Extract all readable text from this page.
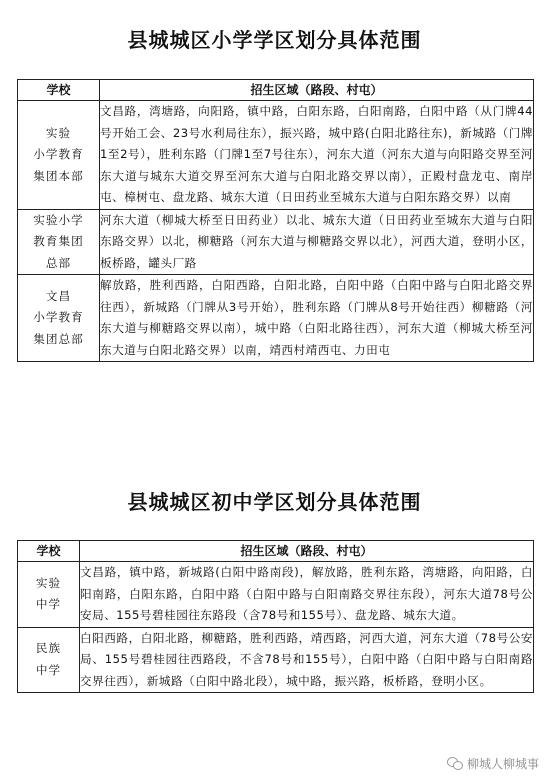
县城城区小学学区划分具体范围
学校	招生区域（路段、村屯）
实验
小学教育
集团本部	文昌路，湾塘路，向阳路，镇中路，白阳东路，白阳南路，白阳中路（从门牌44号开始工会、23号水利局往东），振兴路，城中路(白阳北路往东)，新城路（门牌1至2号），胜利东路（门牌1至7号往东），河东大道（河东大道与向阳路交界至河东大道与城东大道交界至河东大道与白阳北路交界以南），正殿村盘龙屯、南岸屯、樟树屯、盘龙路、城东大道（日田药业至城东大道与白阳东路交界）以南
实验小学
教育集团
总部	河东大道（柳城大桥至日田药业）以北、城东大道（日田药业至城东大道与白阳东路交界）以北，柳糖路（河东大道与柳糖路交界以北），河西大道，登明小区，板桥路，罐头厂路
文昌
小学教育
集团总部	解放路，胜利西路，白阳西路，白阳北路，白阳中路（白阳中路与白阳北路交界往西），新城路（门牌从3号开始），胜利东路（门牌从8号开始往西）柳糖路（河东大道与柳糖路交界以南），城中路（白阳北路往西），河东大道（柳城大桥至河东大道与白阳北路交界）以南，靖西村靖西屯、力田屯
县城城区初中学区划分具体范围
学校	招生区域（路段、村屯）
实验
中学	文昌路，镇中路，新城路(白阳中路南段)，解放路，胜利东路，湾塘路，向阳路，白阳南路，白阳东路，白阳中路（白阳中路与白阳南路交界往东段），河东大道78号公安局、155号碧桂园往东路段（含78号和155号）、盘龙路、城东大道。
民族
中学	白阳西路，白阳北路，柳糖路，胜利西路，靖西路，河西大道，河东大道（78号公安局、155号碧桂园往西路段，不含78号和155号），白阳中路（白阳中路与白阳南路交界往西），新城路（白阳中路北段），城中路，振兴路，板桥路，登明小区。
柳城人柳城事
